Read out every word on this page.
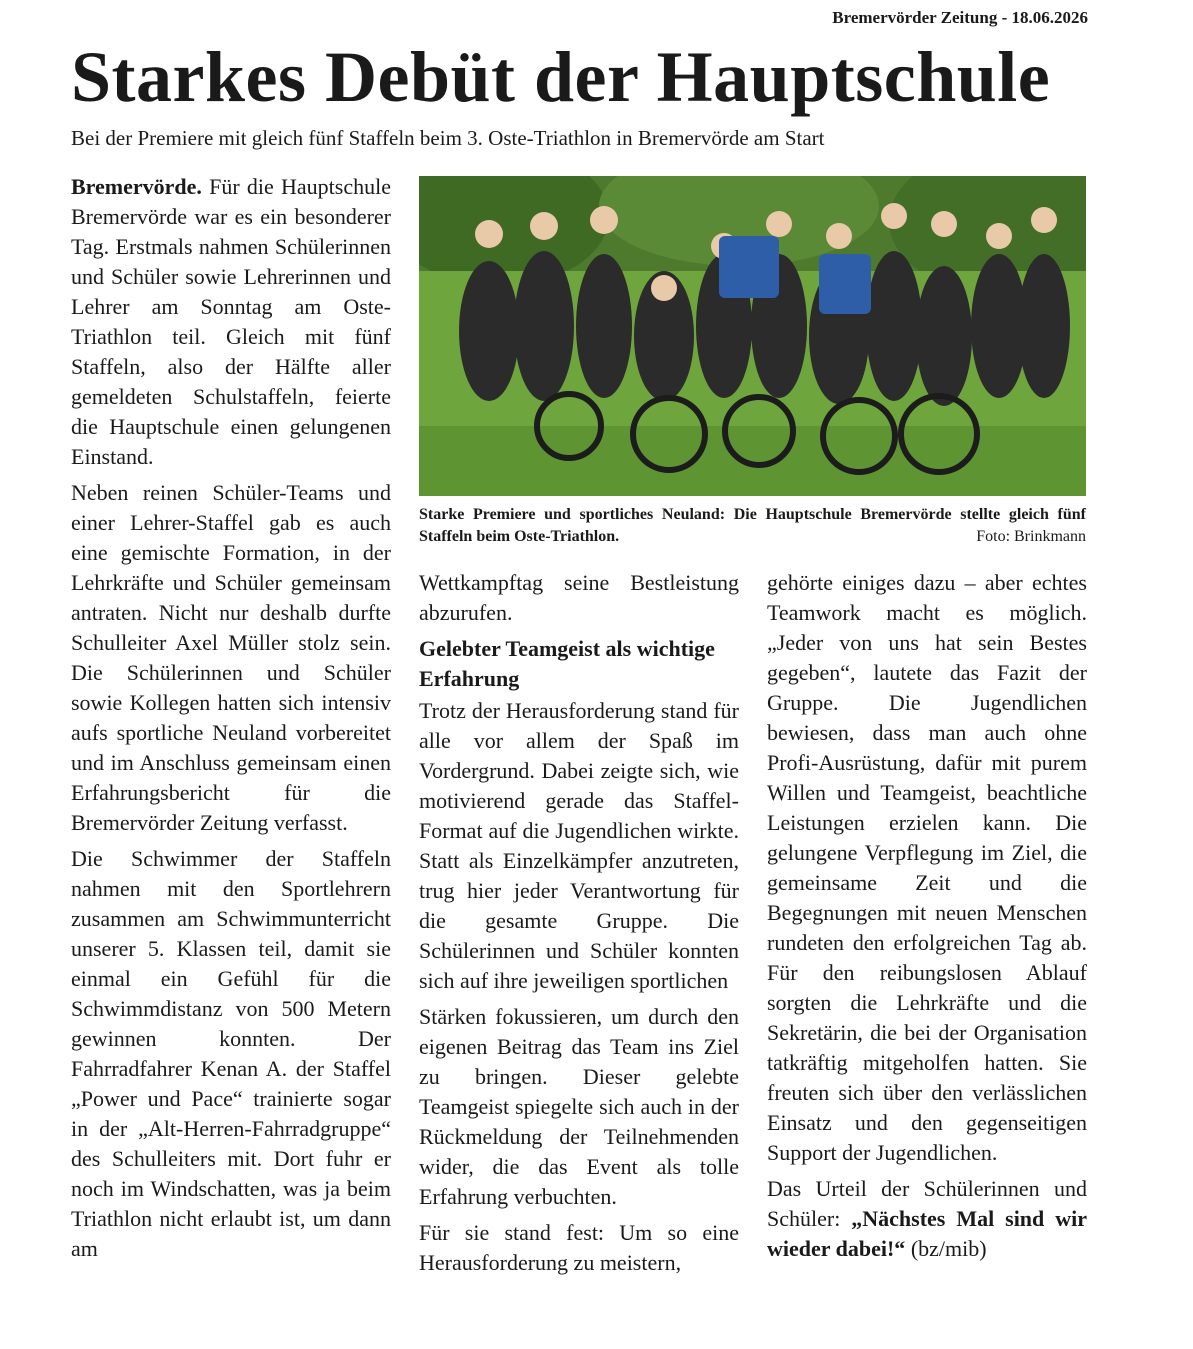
Bremervörder Zeitung - 18.06.2026
Starkes Debüt der Hauptschule

Bei der Premiere mit gleich fünf Staffeln beim 3. Oste-Triathlon in Bremervörde am Start

Bremervörde. Für die Hauptschule Bremervörde war es ein besonderer Tag. Erstmals nahmen Schülerinnen und Schüler sowie Lehrerinnen und Lehrer am Sonntag am Oste-Triathlon teil. Gleich mit fünf Staffeln, also der Hälfte aller gemeldeten Schulstaffeln, feierte die Hauptschule einen gelungenen Einstand.

Neben reinen Schüler-Teams und einer Lehrer-Staffel gab es auch eine gemischte Formation, in der Lehrkräfte und Schüler gemeinsam antraten. Nicht nur deshalb durfte Schulleiter Axel Müller stolz sein. Die Schülerinnen und Schüler sowie Kollegen hatten sich intensiv aufs sportliche Neuland vorbereitet und im Anschluss gemeinsam einen Erfahrungsbericht für die Bremervörder Zeitung verfasst.

Die Schwimmer der Staffeln nahmen mit den Sportlehrern zusammen am Schwimmunterricht unserer 5. Klassen teil, damit sie einmal ein Gefühl für die Schwimmdistanz von 500 Metern gewinnen konnten. Der Fahrradfahrer Kenan A. der Staffel „Power und Pace“ trainierte sogar in der „Alt-Herren-Fahrradgruppe“ des Schulleiters mit. Dort fuhr er noch im Windschatten, was ja beim Triathlon nicht erlaubt ist, um dann am

Starke Premiere und sportliches Neuland: Die Hauptschule Bremervörde stellte gleich fünf Staffeln beim Oste-Triathlon.	Foto: Brinkmann

Wettkampftag seine Bestleistung abzurufen.

Gelebter Teamgeist als wichtige Erfahrung

Trotz der Herausforderung stand für alle vor allem der Spaß im Vordergrund. Dabei zeigte sich, wie motivierend gerade das Staffel-Format auf die Jugendlichen wirkte. Statt als Einzelkämpfer anzutreten, trug hier jeder Verantwortung für die gesamte Gruppe. Die Schülerinnen und Schüler konnten sich auf ihre jeweiligen sportlichen

Stärken fokussieren, um durch den eigenen Beitrag das Team ins Ziel zu bringen. Dieser gelebte Teamgeist spiegelte sich auch in der Rückmeldung der Teilnehmenden wider, die das Event als tolle Erfahrung verbuchten.

Für sie stand fest: Um so eine Herausforderung zu meistern,

gehörte einiges dazu – aber echtes Teamwork macht es möglich. „Jeder von uns hat sein Bestes gegeben“, lautete das Fazit der Gruppe. Die Jugendlichen bewiesen, dass man auch ohne Profi-Ausrüstung, dafür mit purem Willen und Teamgeist, beachtliche Leistungen erzielen kann. Die gelungene Verpflegung im Ziel, die gemeinsame Zeit und die Begegnungen mit neuen Menschen rundeten den erfolgreichen Tag ab. Für den reibungslosen Ablauf sorgten die Lehrkräfte und die Sekretärin, die bei der Organisation tatkräftig mitgeholfen hatten. Sie freuten sich über den verlässlichen Einsatz und den gegenseitigen Support der Jugendlichen.

Das Urteil der Schülerinnen und Schüler: „Nächstes Mal sind wir wieder dabei!“ (bz/mib)
